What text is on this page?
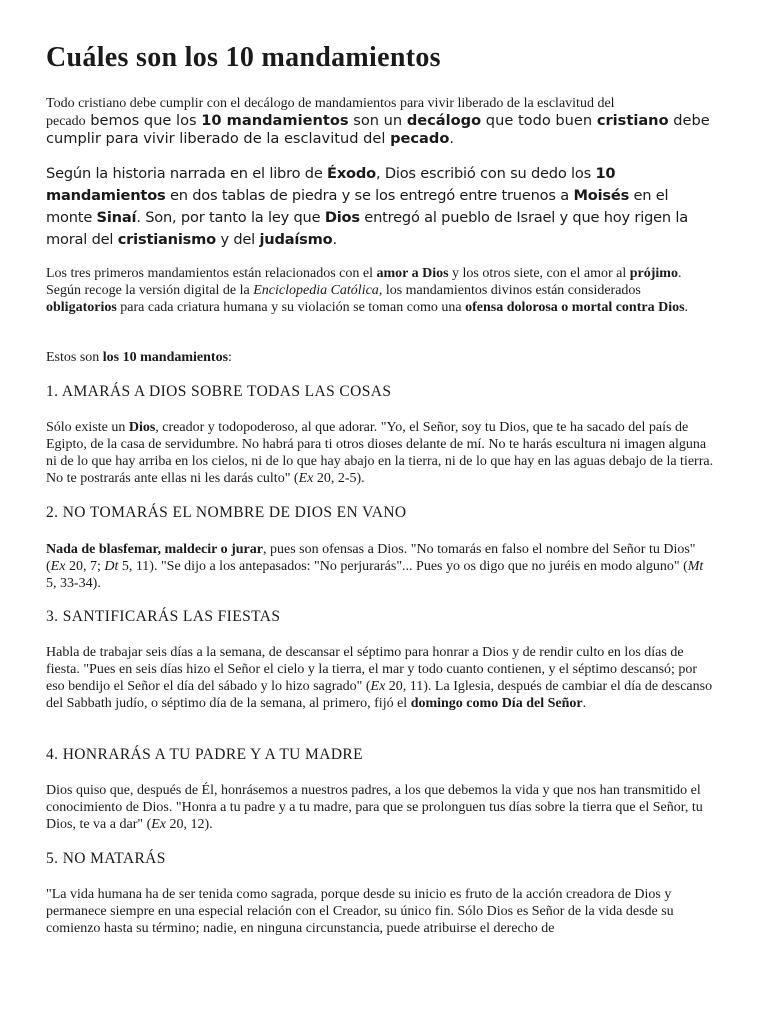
Cuáles son los 10 mandamientos

Todo cristiano debe cumplir con el decálogo de mandamientos para vivir liberado de la esclavitud del
pecado bemos que los 10 mandamientos son un decálogo que todo buen cristiano debe cumplir para vivir liberado de la esclavitud del pecado.

Según la historia narrada en el libro de Éxodo, Dios escribió con su dedo los 10 mandamientos en dos tablas de piedra y se los entregó entre truenos a Moisés en el monte Sinaí. Son, por tanto la ley que Dios entregó al pueblo de Israel y que hoy rigen la moral del cristianismo y del judaísmo.

Los tres primeros mandamientos están relacionados con el amor a Dios y los otros siete, con el amor al prójimo. Según recoge la versión digital de la Enciclopedia Católica, los mandamientos divinos están considerados obligatorios para cada criatura humana y su violación se toman como una ofensa dolorosa o mortal contra Dios.

Estos son los 10 mandamientos:

1. AMARÁS A DIOS SOBRE TODAS LAS COSAS

Sólo existe un Dios, creador y todopoderoso, al que adorar. "Yo, el Señor, soy tu Dios, que te ha sacado del país de Egipto, de la casa de servidumbre. No habrá para ti otros dioses delante de mí. No te harás escultura ni imagen alguna ni de lo que hay arriba en los cielos, ni de lo que hay abajo en la tierra, ni de lo que hay en las aguas debajo de la tierra. No te postrarás ante ellas ni les darás culto" (Ex 20, 2-5).

2. NO TOMARÁS EL NOMBRE DE DIOS EN VANO

Nada de blasfemar, maldecir o jurar, pues son ofensas a Dios. "No tomarás en falso el nombre del Señor tu Dios" (Ex 20, 7; Dt 5, 11). "Se dijo a los antepasados: "No perjurarás"... Pues yo os digo que no juréis en modo alguno" (Mt 5, 33-34).

3. SANTIFICARÁS LAS FIESTAS

Habla de trabajar seis días a la semana, de descansar el séptimo para honrar a Dios y de rendir culto en los días de fiesta. "Pues en seis días hizo el Señor el cielo y la tierra, el mar y todo cuanto contienen, y el séptimo descansó; por eso bendijo el Señor el día del sábado y lo hizo sagrado" (Ex 20, 11). La Iglesia, después de cambiar el día de descanso del Sabbath judío, o séptimo día de la semana, al primero, fijó el domingo como Día del Señor.

4. HONRARÁS A TU PADRE Y A TU MADRE

Dios quiso que, después de Él, honrásemos a nuestros padres, a los que debemos la vida y que nos han transmitido el conocimiento de Dios. "Honra a tu padre y a tu madre, para que se prolonguen tus días sobre la tierra que el Señor, tu Dios, te va a dar" (Ex 20, 12).

5. NO MATARÁS

"La vida humana ha de ser tenida como sagrada, porque desde su inicio es fruto de la acción creadora de Dios y permanece siempre en una especial relación con el Creador, su único fin. Sólo Dios es Señor de la vida desde su comienzo hasta su término; nadie, en ninguna circunstancia, puede atribuirse el derecho de
